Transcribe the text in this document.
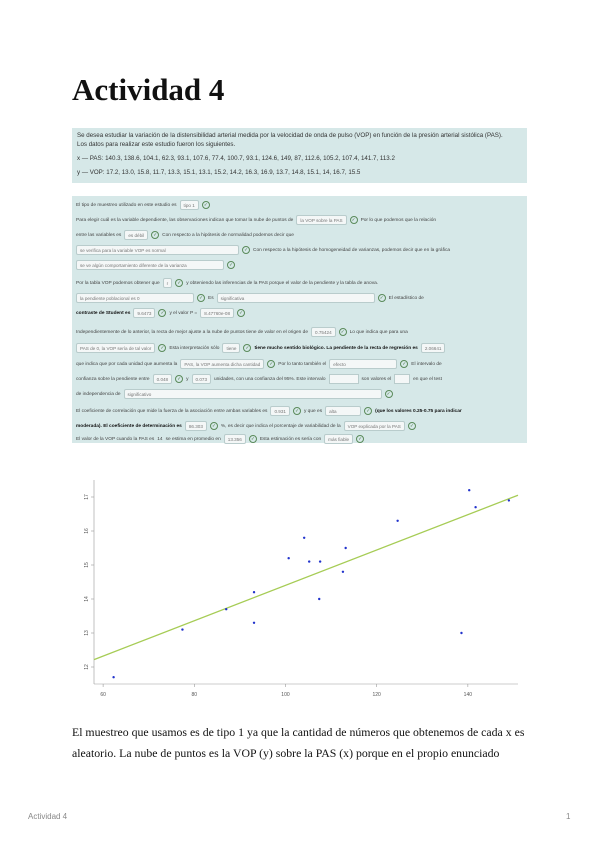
Actividad 4
Se desea estudiar la variación de la distensibilidad arterial medida por la velocidad de onda de pulso (VOP) en función de la presión arterial sistólica (PAS).
Los datos para realizar este estudio fueron los siguientes.
x — PAS: 140.3, 138.6, 104.1, 62.3, 93.1, 107.6, 77.4, 100.7, 93.1, 124.6, 149, 87, 112.6, 105.2, 107.4, 141.7, 113.2
y — VOP: 17.2, 13.0, 15.8, 11.7, 13.3, 15.1, 13.1, 15.2, 14.2, 16.3, 16.9, 13.7, 14.8, 15.1, 14, 16.7, 15.5
El tipo de muestreo utilizado en este estudio es	tipo 1	✓
Para elegir cuál es la variable dependiente, las observaciones indican que tomar la nube de puntos de	la VOP sobre la PAS	✓	Por lo que podemos que la relación
entre las variables es	es débil	✓	Con respecto a la hipótesis de normalidad podemos decir que
se verifica para la variable VOP es normal	✓	Con respecto a la hipótesis de homogeneidad de varianzas, podemos decir que en la gráfica
se ve algún comportamiento diferente de la varianza	✓
Por la tabla VOP podemos obtener que	r	✓	y obteniendo las inferencias de la PAS porque el valor de la pendiente y la tabla de anova.
la pendiente poblacional es 0	✓	Es	significativa	✓	El estadístico de
contraste de Student es	9.6473	✓	y el valor P =	8.47760e-08	✓
Independientemente de lo anterior, la recta de mejor ajuste a la nube de puntos tiene de valor en el origen de	0.75424	✓	Lo que indica que para una
PAS de 0, la VOP sería de tal valor	✓	Esta interpretación sólo	tiene	✓	tiene mucho sentido biológico. La pendiente de la recta de regresión es	2.06641
que indica que por cada unidad que aumenta la	PAS, la VOP aumenta dicha cantidad	✓	Por lo tanto también el	efecto	✓	El intervalo de
confianza sobre la pendiente entre	0.048	✓	y	0.073	unidades, con una confianza del 95%. Este intervalo	son valores el	en que el test
de independencia de	significativo	✓
El coeficiente de correlación que mide la fuerza de la asociación entre ambas variables es	0.931	✓	y que es	alta	✓	(que los valores 0.25-0.75 para indicar
moderada). El coeficiente de determinación es	86.303	✓	%, es decir que indica el porcentaje de variabilidad de la	VOP explicada por la PAS	✓
El valor de la VOP cuando la PAS es 14 se estima en promedio en	13.356	✓	Esta estimación es sería con	más fiable	✓
60	80	100	120	140
12
13
14
15
16
17

El muestreo que usamos es de tipo 1 ya que la cantidad de números que obtenemos de cada x es aleatorio. La nube de puntos es la VOP (y) sobre la PAS (x) porque en el propio enunciado

Actividad 4	1
